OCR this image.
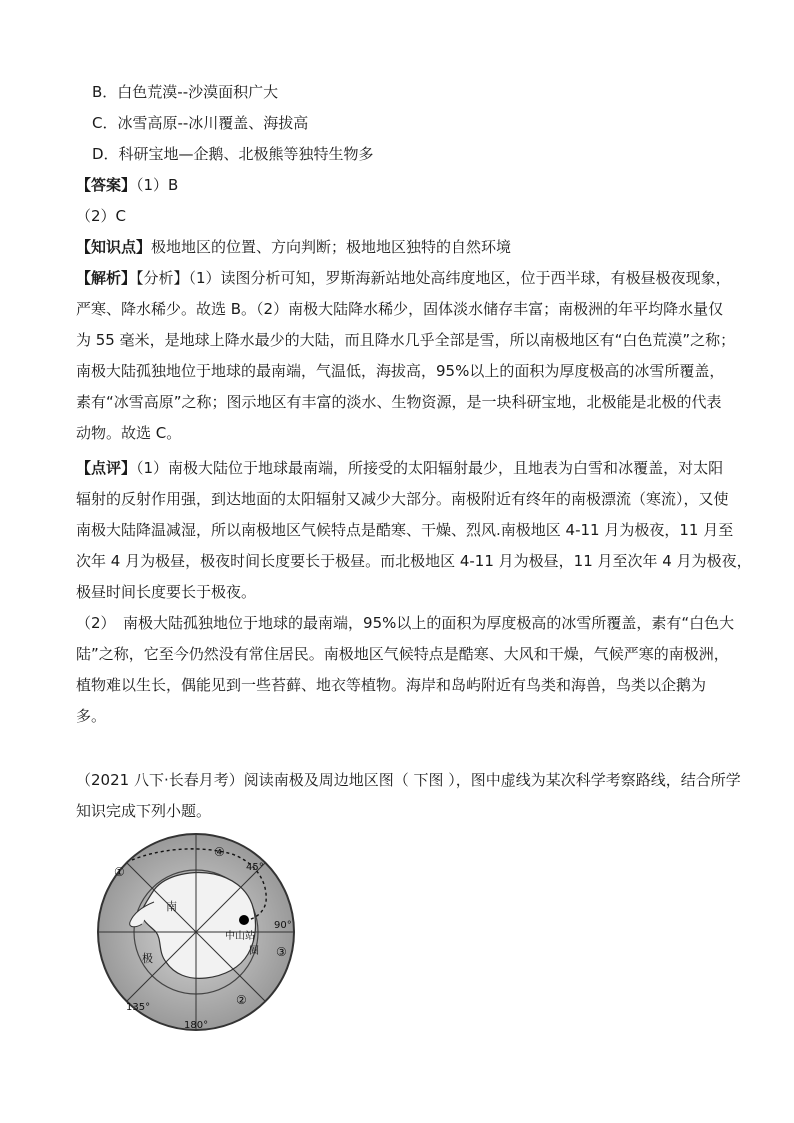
B．白色荒漠--沙漠面积广大
C．冰雪高原--冰川覆盖、海拔高
D．科研宝地—企鹅、北极熊等独特生物多
【答案】（1）B
（2）C
【知识点】极地地区的位置、方向判断；极地地区独特的自然环境
【解析】【分析】（1）读图分析可知，罗斯海新站地处高纬度地区，位于西半球，有极昼极夜现象，
严寒、降水稀少。故选 B。（2）南极大陆降水稀少，固体淡水储存丰富；南极洲的年平均降水量仅
为 55 毫米，是地球上降水最少的大陆，而且降水几乎全部是雪，所以南极地区有“白色荒漠”之称；
南极大陆孤独地位于地球的最南端，气温低，海拔高，95%以上的面积为厚度极高的冰雪所覆盖，
素有“冰雪高原”之称；图示地区有丰富的淡水、生物资源，是一块科研宝地，北极能是北极的代表
动物。故选 C。
【点评】（1）南极大陆位于地球最南端，所接受的太阳辐射最少，且地表为白雪和冰覆盖，对太阳
辐射的反射作用强，到达地面的太阳辐射又减少大部分。南极附近有终年的南极漂流（寒流），又使
南极大陆降温减湿，所以南极地区气候特点是酷寒、干燥、烈风.南极地区 4-11 月为极夜，11 月至
次年 4 月为极昼，极夜时间长度要长于极昼。而北极地区 4-11 月为极昼，11 月至次年 4 月为极夜，
极昼时间长度要长于极夜。
（2）　南极大陆孤独地位于地球的最南端，95%以上的面积为厚度极高的冰雪所覆盖，素有“白色大
陆”之称，它至今仍然没有常住居民。南极地区气候特点是酷寒、大风和干燥，气候严寒的南极洲，
植物难以生长，偶能见到一些苔藓、地衣等植物。海岸和岛屿附近有鸟类和海兽，鸟类以企鹅为
多。
（2021 八下·长春月考）阅读南极及周边地区图（ 下图 ），图中虚线为某次科学考察路线，结合所学
知识完成下列小题。
中山站
圈
南
极
45°
90°
135°
180°
④
①
③
②
